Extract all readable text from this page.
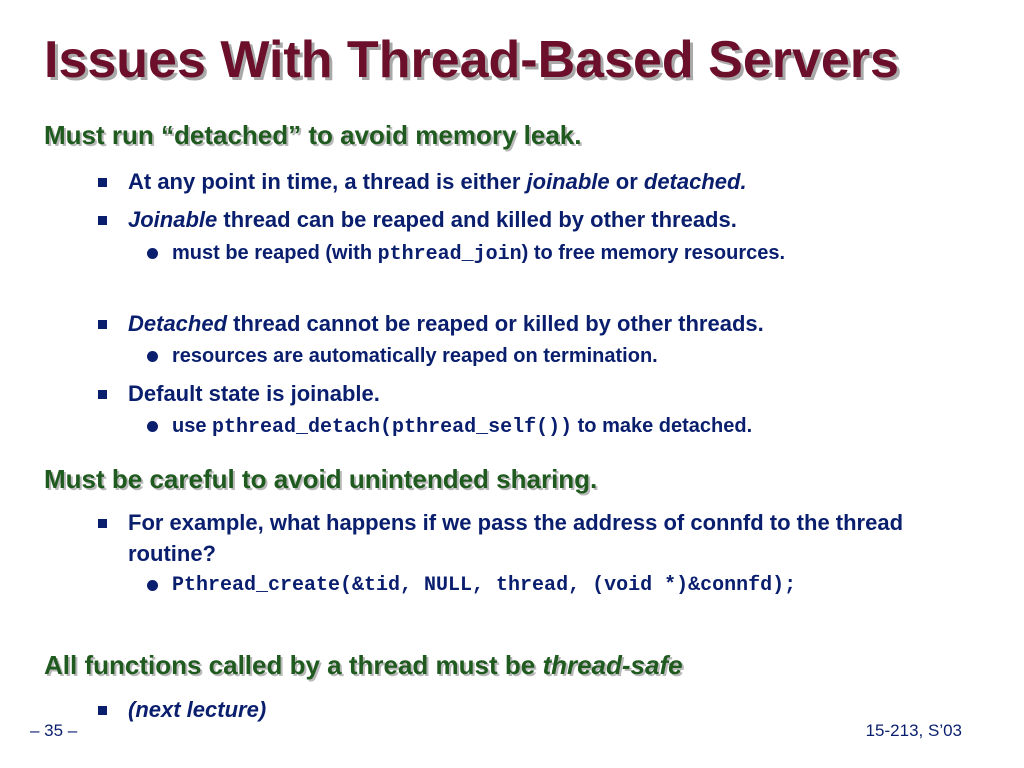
Issues With Thread-Based Servers

Must run “detached” to avoid memory leak.

At any point in time, a thread is either joinable or detached.
Joinable thread can be reaped and killed by other threads.
must be reaped (with pthread_join) to free memory resources.
Detached thread cannot be reaped or killed by other threads.
resources are automatically reaped on termination.
Default state is joinable.
use pthread_detach(pthread_self()) to make detached.

Must be careful to avoid unintended sharing.

For example, what happens if we pass the address of connfd to the thread routine?
Pthread_create(&tid, NULL, thread, (void *)&connfd);

All functions called by a thread must be thread-safe

(next lecture)
– 35 –	15-213, S’03
